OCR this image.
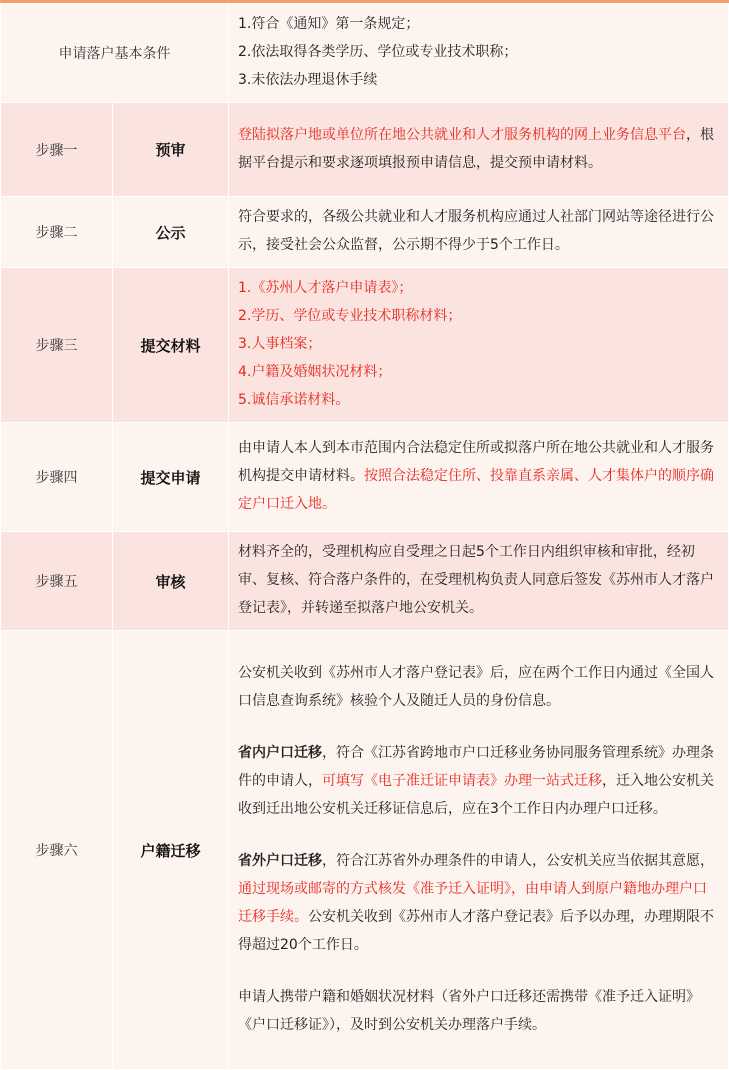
申请落户基本条件		1.符合《通知》第一条规定；
2.依法取得各类学历、学位或专业技术职称；
3.未依法办理退休手续

步骤一	预审	登陆拟落户地或单位所在地公共就业和人才服务机构的网上业务信息平台，根据平台提示和要求逐项填报预申请信息，提交预申请材料。
步骤二	公示	符合要求的，各级公共就业和人才服务机构应通过人社部门网站等途径进行公示，接受社会公众监督，公示期不得少于5个工作日。
步骤三	提交材料	1.《苏州人才落户申请表》；
2.学历、学位或专业技术职称材料；
3.人事档案；
4.户籍及婚姻状况材料；
5.诚信承诺材料。

步骤四	提交申请	由申请人本人到本市范围内合法稳定住所或拟落户所在地公共就业和人才服务机构提交申请材料。按照合法稳定住所、投靠直系亲属、人才集体户的顺序确定户口迁入地。
步骤五	审核	材料齐全的，受理机构应自受理之日起5个工作日内组织审核和审批，经初审、复核、符合落户条件的，在受理机构负责人同意后签发《苏州市人才落户登记表》，并转递至拟落户地公安机关。
步骤六	户籍迁移	公安机关收到《苏州市人才落户登记表》后，应在两个工作日内通过《全国人口信息查询系统》核验个人及随迁人员的身份信息。
省内户口迁移，符合《江苏省跨地市户口迁移业务协同服务管理系统》办理条件的申请人，可填写《电子准迁证申请表》办理一站式迁移，迁入地公安机关收到迁出地公安机关迁移证信息后，应在3个工作日内办理户口迁移。
省外户口迁移，符合江苏省外办理条件的申请人，公安机关应当依据其意愿，通过现场或邮寄的方式核发《准予迁入证明》，由申请人到原户籍地办理户口迁移手续。公安机关收到《苏州市人才落户登记表》后予以办理，办理期限不得超过20个工作日。
申请人携带户籍和婚姻状况材料（省外户口迁移还需携带《准予迁入证明》《户口迁移证》），及时到公安机关办理落户手续。
